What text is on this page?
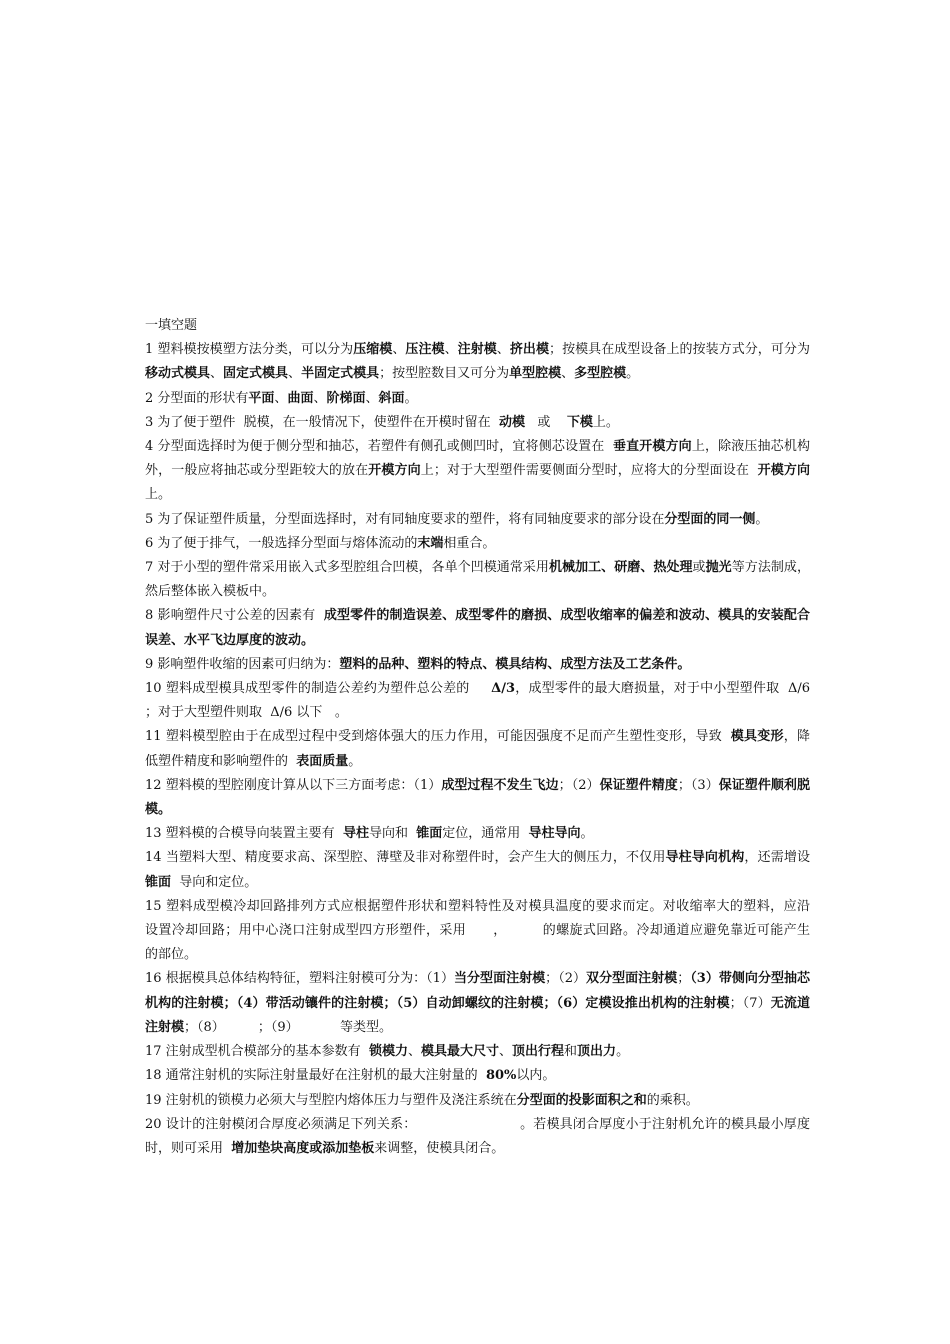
一填空题

1 塑料模按模塑方法分类，可以分为压缩模、压注模、注射模、挤出模；按模具在成型设备上的按装方式分，可分为移动式模具、固定式模具、半固定式模具；按型腔数目又可分为单型腔模、多型腔模。

2 分型面的形状有平面、曲面、阶梯面、斜面。

3 为了便于塑件  脱模，在一般情况下，使塑件在开模时留在  动模   或    下模上。

4 分型面选择时为便于侧分型和抽芯，若塑件有侧孔或侧凹时，宜将侧芯设置在  垂直开模方向上，除液压抽芯机构外，一般应将抽芯或分型距较大的放在开模方向上；对于大型塑件需要侧面分型时，应将大的分型面设在  开模方向上。

5 为了保证塑件质量，分型面选择时，对有同轴度要求的塑件，将有同轴度要求的部分设在分型面的同一侧。

6 为了便于排气，一般选择分型面与熔体流动的末端相重合。

7 对于小型的塑件常采用嵌入式多型腔组合凹模，各单个凹模通常采用机械加工、研磨、热处理或抛光等方法制成，然后整体嵌入模板中。

8 影响塑件尺寸公差的因素有  成型零件的制造误差、成型零件的磨损、成型收缩率的偏差和波动、模具的安装配合误差、水平飞边厚度的波动。

9 影响塑件收缩的因素可归纳为：塑料的品种、塑料的特点、模具结构、成型方法及工艺条件。

10 塑料成型模具成型零件的制造公差约为塑件总公差的     Δ/3，成型零件的最大磨损量，对于中小型塑件取  Δ/6  ；对于大型塑件则取  Δ/6 以下   。

11 塑料模型腔由于在成型过程中受到熔体强大的压力作用，可能因强度不足而产生塑性变形，导致  模具变形，降低塑件精度和影响塑件的  表面质量。

12 塑料模的型腔刚度计算从以下三方面考虑：（1）成型过程不发生飞边；（2）保证塑件精度；（3）保证塑件顺利脱模。

13 塑料模的合模导向装置主要有  导柱导向和  锥面定位，通常用  导柱导向。

14 当塑料大型、精度要求高、深型腔、薄壁及非对称塑件时，会产生大的侧压力，不仅用导柱导向机构，还需增设  锥面  导向和定位。

15 塑料成型模冷却回路排列方式应根据塑件形状和塑料特性及对模具温度的要求而定。对收缩率大的塑料，应沿              设置冷却回路；用中心浇口注射成型四方形塑件，采用      ，        的螺旋式回路。冷却通道应避免靠近可能产生                          的部位。

16 根据模具总体结构特征，塑料注射模可分为：（1）当分型面注射模；（2）双分型面注射模；（3）带侧向分型抽芯机构的注射模；（4）带活动镶件的注射模；（5）自动卸螺纹的注射模；（6）定模设推出机构的注射模；（7）无流道注射模；（8）        ；（9）          等类型。

17 注射成型机合模部分的基本参数有  锁模力、模具最大尺寸、顶出行程和顶出力。

18 通常注射机的实际注射量最好在注射机的最大注射量的  80%以内。

19 注射机的锁模力必须大与型腔内熔体压力与塑件及浇注系统在分型面的投影面积之和的乘积。

20 设计的注射模闭合厚度必须满足下列关系：                        。若模具闭合厚度小于注射机允许的模具最小厚度时，则可采用  增加垫块高度或添加垫板来调整，使模具闭合。
